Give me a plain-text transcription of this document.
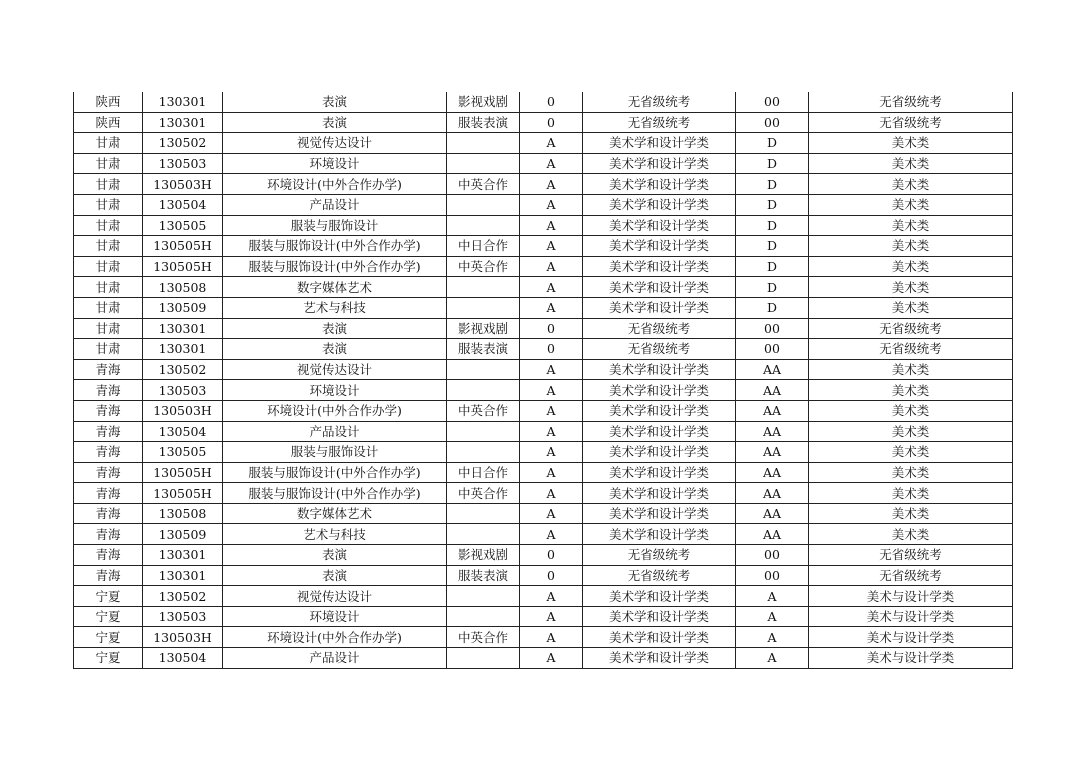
陕西	130301	表演	影视戏剧	0	无省级统考	00	无省级统考
陕西	130301	表演	服装表演	0	无省级统考	00	无省级统考
甘肃	130502	视觉传达设计		A	美术学和设计学类	D	美术类
甘肃	130503	环境设计		A	美术学和设计学类	D	美术类
甘肃	130503H	环境设计(中外合作办学)	中英合作	A	美术学和设计学类	D	美术类
甘肃	130504	产品设计		A	美术学和设计学类	D	美术类
甘肃	130505	服装与服饰设计		A	美术学和设计学类	D	美术类
甘肃	130505H	服装与服饰设计(中外合作办学)	中日合作	A	美术学和设计学类	D	美术类
甘肃	130505H	服装与服饰设计(中外合作办学)	中英合作	A	美术学和设计学类	D	美术类
甘肃	130508	数字媒体艺术		A	美术学和设计学类	D	美术类
甘肃	130509	艺术与科技		A	美术学和设计学类	D	美术类
甘肃	130301	表演	影视戏剧	0	无省级统考	00	无省级统考
甘肃	130301	表演	服装表演	0	无省级统考	00	无省级统考
青海	130502	视觉传达设计		A	美术学和设计学类	AA	美术类
青海	130503	环境设计		A	美术学和设计学类	AA	美术类
青海	130503H	环境设计(中外合作办学)	中英合作	A	美术学和设计学类	AA	美术类
青海	130504	产品设计		A	美术学和设计学类	AA	美术类
青海	130505	服装与服饰设计		A	美术学和设计学类	AA	美术类
青海	130505H	服装与服饰设计(中外合作办学)	中日合作	A	美术学和设计学类	AA	美术类
青海	130505H	服装与服饰设计(中外合作办学)	中英合作	A	美术学和设计学类	AA	美术类
青海	130508	数字媒体艺术		A	美术学和设计学类	AA	美术类
青海	130509	艺术与科技		A	美术学和设计学类	AA	美术类
青海	130301	表演	影视戏剧	0	无省级统考	00	无省级统考
青海	130301	表演	服装表演	0	无省级统考	00	无省级统考
宁夏	130502	视觉传达设计		A	美术学和设计学类	A	美术与设计学类
宁夏	130503	环境设计		A	美术学和设计学类	A	美术与设计学类
宁夏	130503H	环境设计(中外合作办学)	中英合作	A	美术学和设计学类	A	美术与设计学类
宁夏	130504	产品设计		A	美术学和设计学类	A	美术与设计学类
